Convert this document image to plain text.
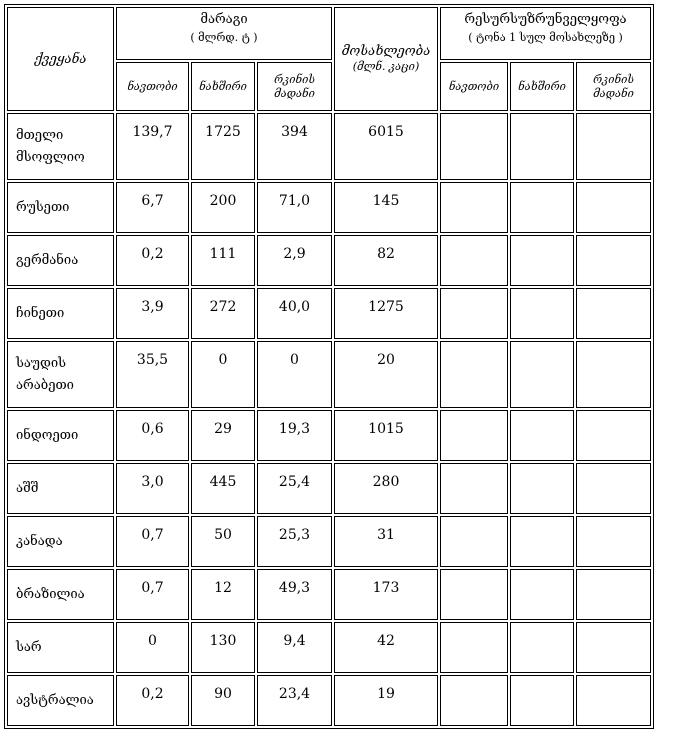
ქვეყანა	მარაგი
( მლრდ. ტ )			მოსახლეობა
(მლნ. კაცი)	რესურსუზრუნველყოფა
( ტონა 1 სულ მოსახლეზე )		

	ნავთობი	ნახშირი	რკინის მადანი		ნავთობი	ნახშირი	რკინის მადანი
მთელი მსოფლიო	139,7	1725	394	6015			
რუსეთი	6,7	200	71,0	145			
გერმანია	0,2	111	2,9	82			
ჩინეთი	3,9	272	40,0	1275			
საუდის არაბეთი	35,5	0	0	20			
ინდოეთი	0,6	29	19,3	1015			
აშშ	3,0	445	25,4	280			
კანადა	0,7	50	25,3	31			
ბრაზილია	0,7	12	49,3	173			
სარ	0	130	9,4	42			
ავსტრალია	0,2	90	23,4	19			
